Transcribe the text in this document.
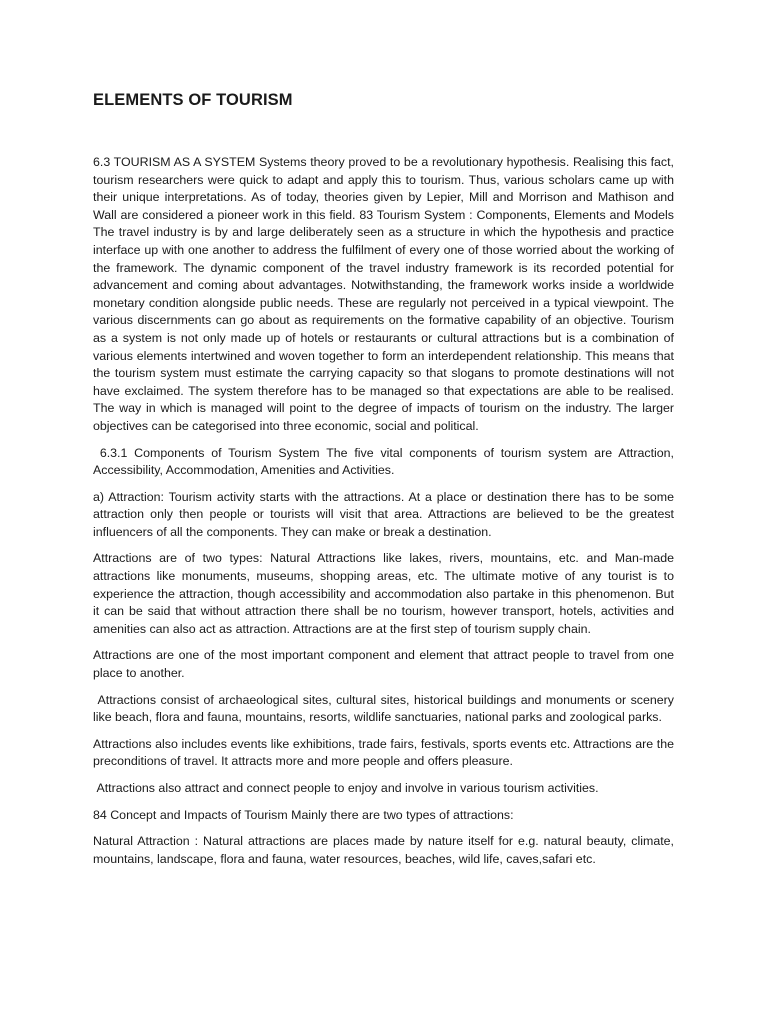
ELEMENTS OF TOURISM

6.3 TOURISM AS A SYSTEM Systems theory proved to be a revolutionary hypothesis. Realising this fact, tourism researchers were quick to adapt and apply this to tourism. Thus, various scholars came up with their unique interpretations. As of today, theories given by Lepier, Mill and Morrison and Mathison and Wall are considered a pioneer work in this field. 83 Tourism System : Components, Elements and Models The travel industry is by and large deliberately seen as a structure in which the hypothesis and practice interface up with one another to address the fulfilment of every one of those worried about the working of the framework. The dynamic component of the travel industry framework is its recorded potential for advancement and coming about advantages. Notwithstanding, the framework works inside a worldwide monetary condition alongside public needs. These are regularly not perceived in a typical viewpoint. The various discernments can go about as requirements on the formative capability of an objective. Tourism as a system is not only made up of hotels or restaurants or cultural attractions but is a combination of various elements intertwined and woven together to form an interdependent relationship. This means that the tourism system must estimate the carrying capacity so that slogans to promote destinations will not have exclaimed. The system therefore has to be managed so that expectations are able to be realised. The way in which is managed will point to the degree of impacts of tourism on the industry. The larger objectives can be categorised into three economic, social and political.

6.3.1 Components of Tourism System The five vital components of tourism system are Attraction, Accessibility, Accommodation, Amenities and Activities.

a) Attraction: Tourism activity starts with the attractions. At a place or destination there has to be some attraction only then people or tourists will visit that area. Attractions are believed to be the greatest influencers of all the components. They can make or break a destination.

Attractions are of two types: Natural Attractions like lakes, rivers, mountains, etc. and Man-made attractions like monuments, museums, shopping areas, etc. The ultimate motive of any tourist is to experience the attraction, though accessibility and accommodation also partake in this phenomenon. But it can be said that without attraction there shall be no tourism, however transport, hotels, activities and amenities can also act as attraction. Attractions are at the first step of tourism supply chain.

Attractions are one of the most important component and element that attract people to travel from one place to another.

Attractions consist of archaeological sites, cultural sites, historical buildings and monuments or scenery like beach, flora and fauna, mountains, resorts, wildlife sanctuaries, national parks and zoological parks.

Attractions also includes events like exhibitions, trade fairs, festivals, sports events etc. Attractions are the preconditions of travel. It attracts more and more people and offers pleasure.

Attractions also attract and connect people to enjoy and involve in various tourism activities.

84 Concept and Impacts of Tourism Mainly there are two types of attractions:

Natural Attraction : Natural attractions are places made by nature itself for e.g. natural beauty, climate, mountains, landscape, flora and fauna, water resources, beaches, wild life, caves,safari etc.
